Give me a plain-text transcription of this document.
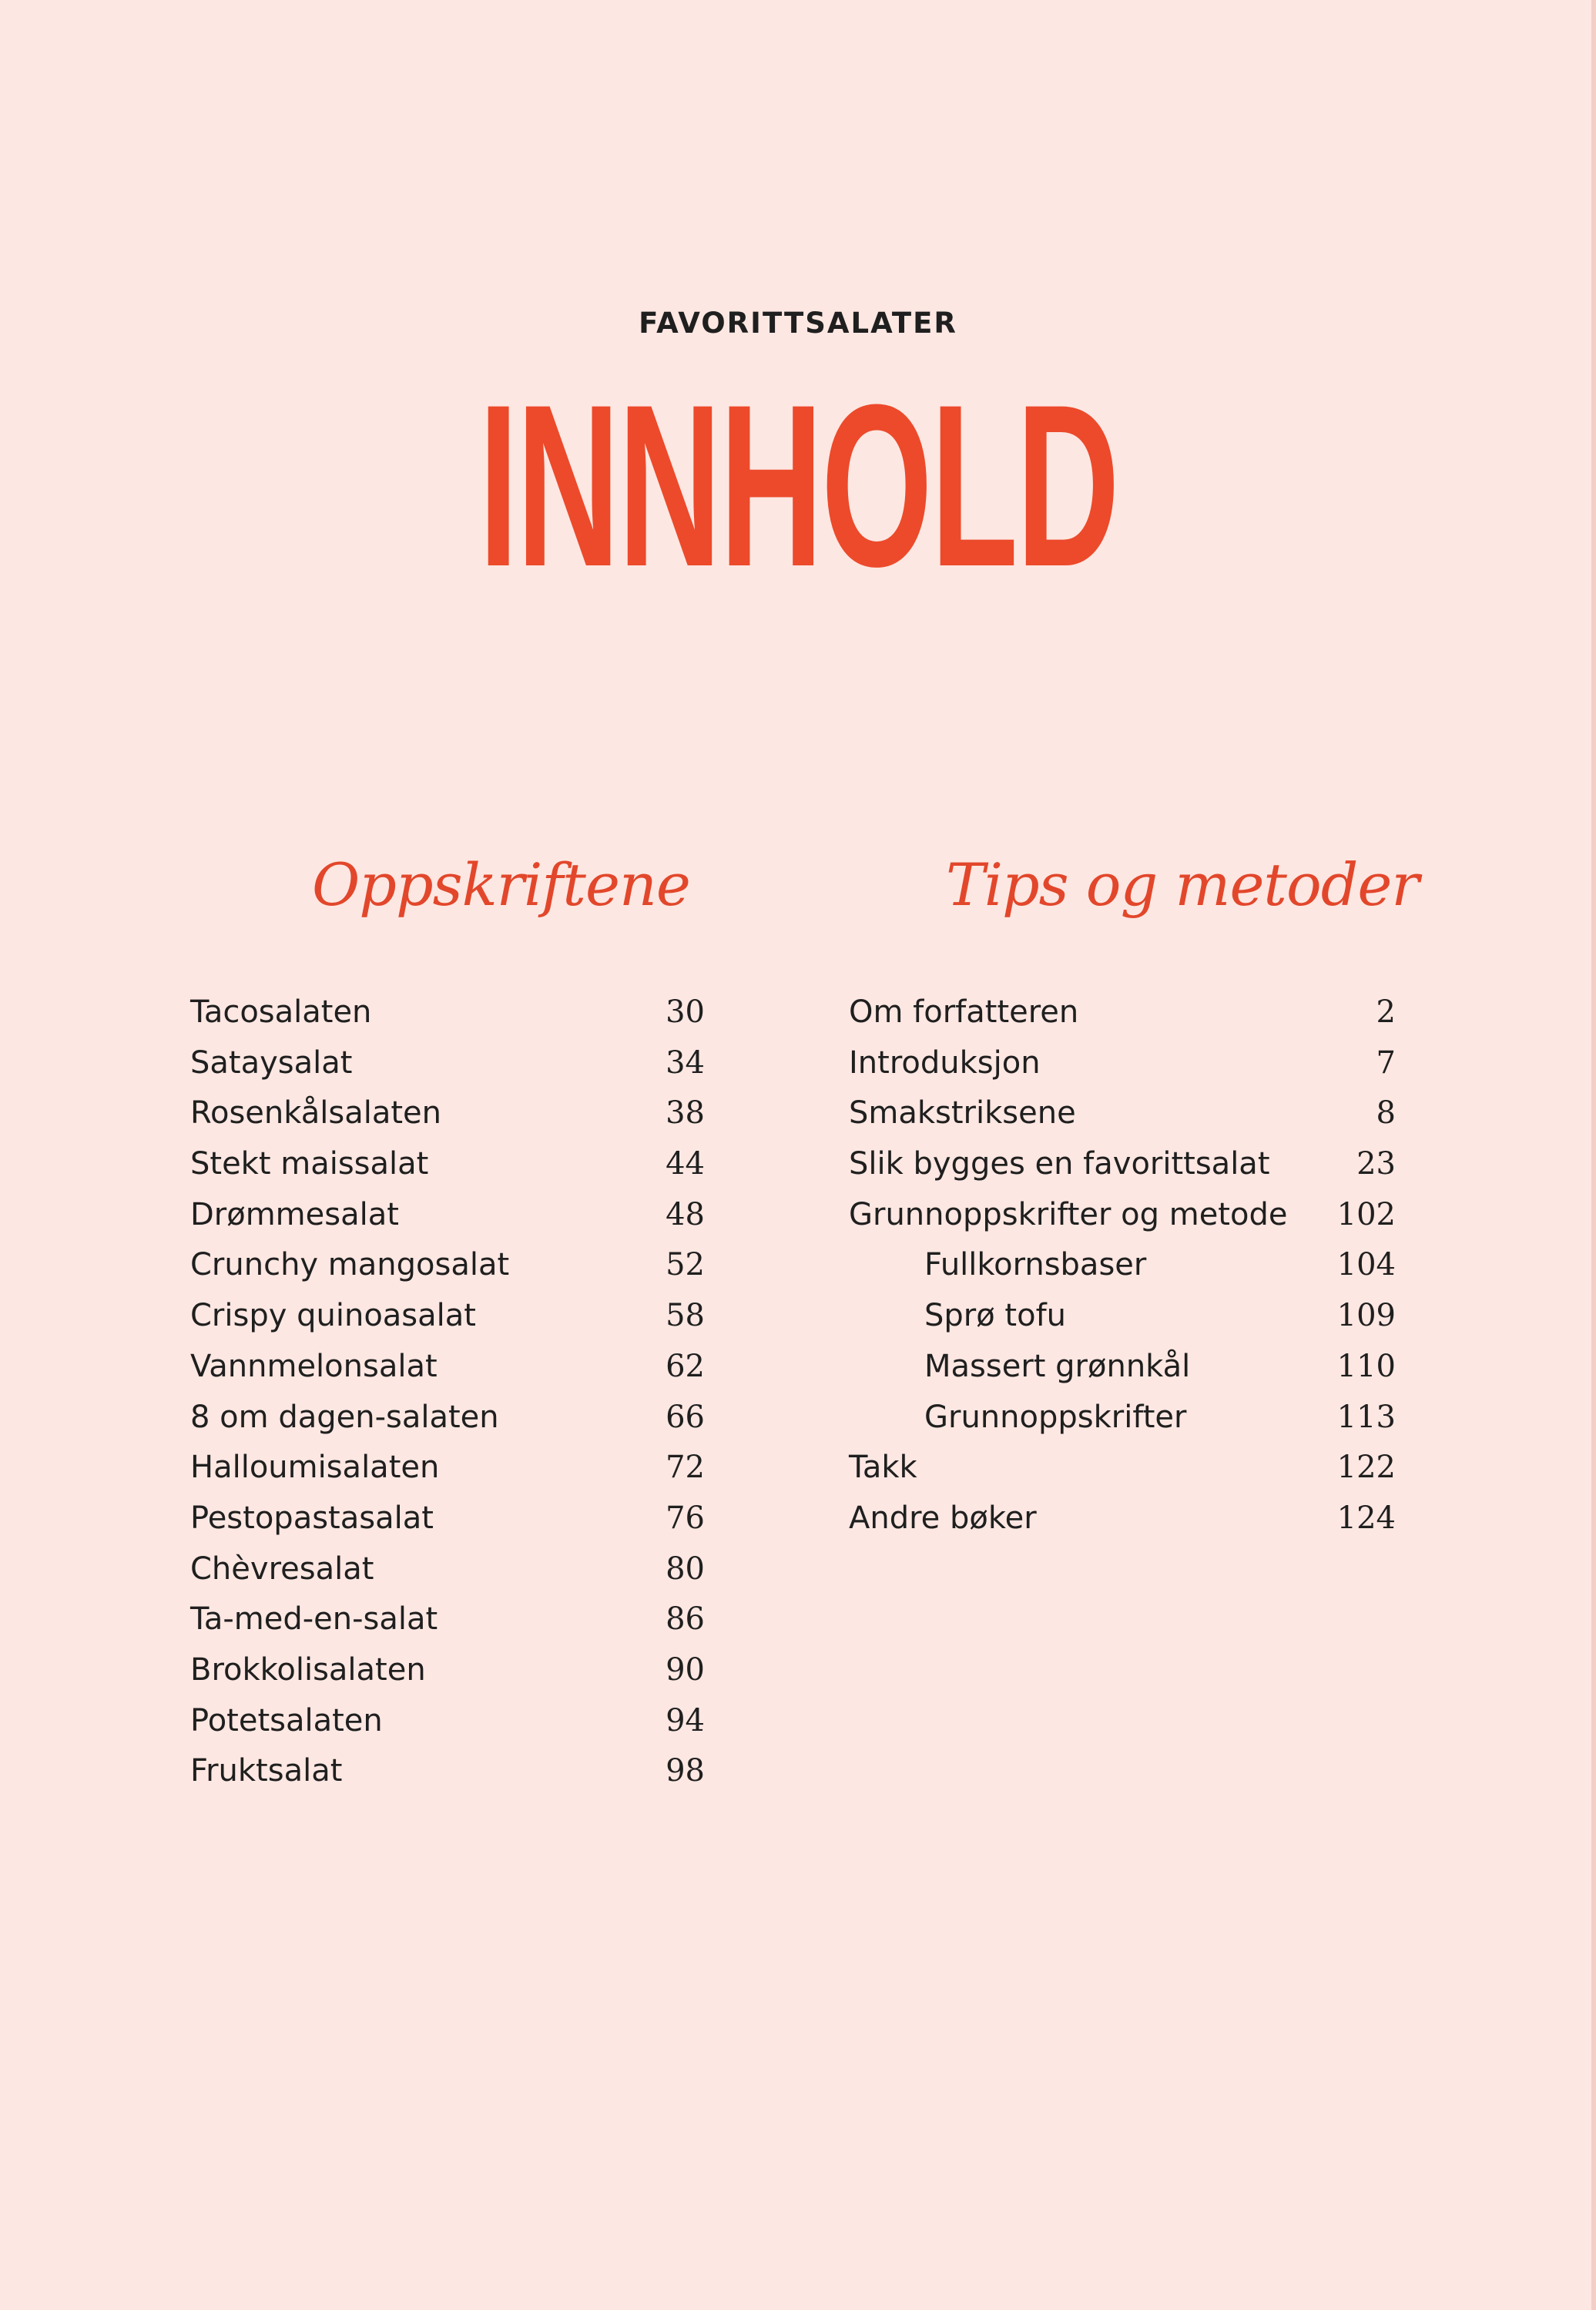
FAVORITTSALATER
INNHOLD
Oppskriftene	Tips og metoder
Tacosalaten	30
Sataysalat	34
Rosenkålsalaten	38
Stekt maissalat	44
Drømmesalat	48
Crunchy mangosalat	52
Crispy quinoasalat	58
Vannmelonsalat	62
8 om dagen-salaten	66
Halloumisalaten	72
Pestopastasalat	76
Chèvresalat	80
Ta-med-en-salat	86
Brokkolisalaten	90
Potetsalaten	94
Fruktsalat	98
Om forfatteren	2
Introduksjon	7
Smakstriksene	8
Slik bygges en favorittsalat	23
Grunnoppskrifter og metode 102
Fullkornsbaser	104
Sprø tofu	109
Massert grønnkål	110
Grunnoppskrifter	113
Takk	122
Andre bøker	124
